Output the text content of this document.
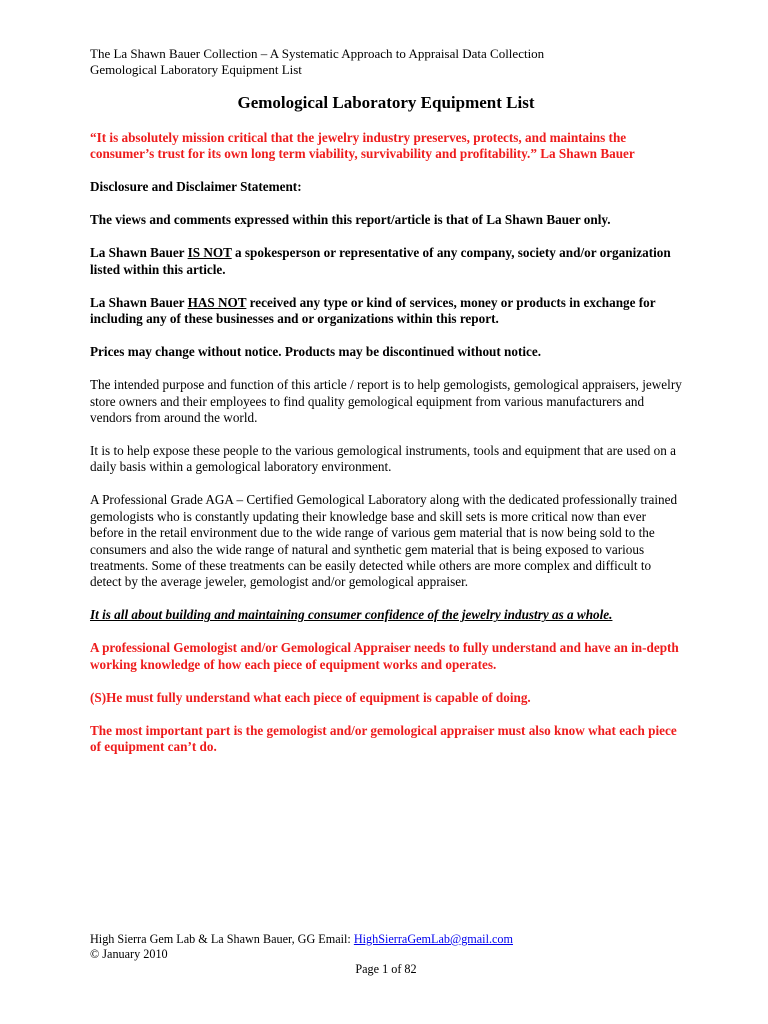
The La Shawn Bauer Collection – A Systematic Approach to Appraisal Data Collection
Gemological Laboratory Equipment List
Gemological Laboratory Equipment List

“It is absolutely mission critical that the jewelry industry preserves, protects, and maintains the consumer’s trust for its own long term viability, survivability and profitability.” La Shawn Bauer

Disclosure and Disclaimer Statement:

The views and comments expressed within this report/article is that of La Shawn Bauer only.

La Shawn Bauer IS NOT a spokesperson or representative of any company, society and/or organization listed within this article.

La Shawn Bauer HAS NOT received any type or kind of services, money or products in exchange for including any of these businesses and or organizations within this report.

Prices may change without notice. Products may be discontinued without notice.

The intended purpose and function of this article / report is to help gemologists, gemological appraisers, jewelry store owners and their employees to find quality gemological equipment from various manufacturers and vendors from around the world.

It is to help expose these people to the various gemological instruments, tools and equipment that are used on a daily basis within a gemological laboratory environment.

A Professional Grade AGA – Certified Gemological Laboratory along with the dedicated professionally trained gemologists who is constantly updating their knowledge base and skill sets is more critical now than ever before in the retail environment due to the wide range of various gem material that is now being sold to the consumers and also the wide range of natural and synthetic gem material that is being exposed to various treatments. Some of these treatments can be easily detected while others are more complex and difficult to detect by the average jeweler, gemologist and/or gemological appraiser.

It is all about building and maintaining consumer confidence of the jewelry industry as a whole.

A professional Gemologist and/or Gemological Appraiser needs to fully understand and have an in-depth working knowledge of how each piece of equipment works and operates.

(S)He must fully understand what each piece of equipment is capable of doing.

The most important part is the gemologist and/or gemological appraiser must also know what each piece of equipment can’t do.

High Sierra Gem Lab & La Shawn Bauer, GG Email: HighSierraGemLab@gmail.com
© January 2010
Page 1 of 82
